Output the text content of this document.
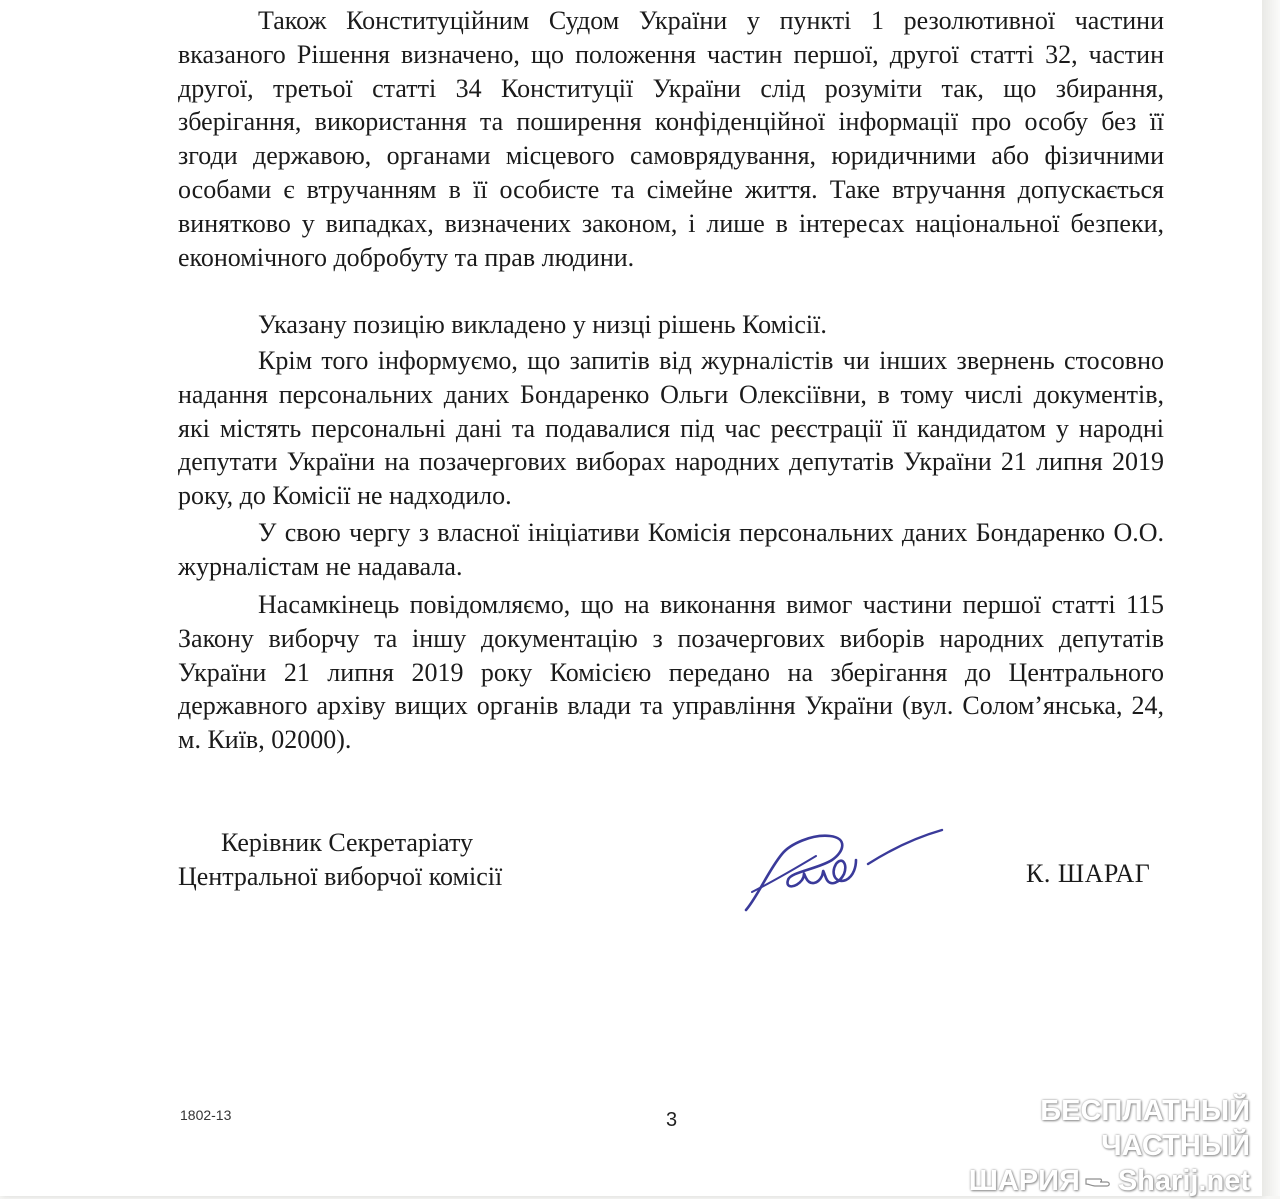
Також Конституційним Судом України у пункті 1 резолютивної частини вказаного Рішення визначено, що положення частин першої, другої статті 32, частин другої, третьої статті 34 Конституції України слід розуміти так, що збирання, зберігання, використання та поширення конфіденційної інформації про особу без її згоди державою, органами місцевого самоврядування, юридичними або фізичними особами є втручанням в її особисте та сімейне життя. Таке втручання допускається винятково у випадках, визначених законом, і лише в інтересах національної безпеки, економічного добробуту та прав людини.

Указану позицію викладено у низці рішень Комісії.

Крім того інформуємо, що запитів від журналістів чи інших звернень стосовно надання персональних даних Бондаренко Ольги Олексіївни, в тому числі документів, які містять персональні дані та подавалися під час реєстрації її кандидатом у народні депутати України на позачергових виборах народних депутатів України 21 липня 2019 року, до Комісії не надходило.

У свою чергу з власної ініціативи Комісія персональних даних Бондаренко О.О. журналістам не надавала.

Насамкінець повідомляємо, що на виконання вимог частини першої статті 115 Закону виборчу та іншу документацію з позачергових виборів народних депутатів України 21 липня 2019 року Комісією передано на зберігання до Центрального державного архіву вищих органів влади та управління України (вул. Солом’янська, 24, м. Київ, 02000).

Керівник Секретаріату
Центральної виборчої комісії	К. ШАРАГ
1802-13	3	БЕСПЛАТНЫЙ ЧАСТНЫЙ
ШАРИЯ Sharij.net
